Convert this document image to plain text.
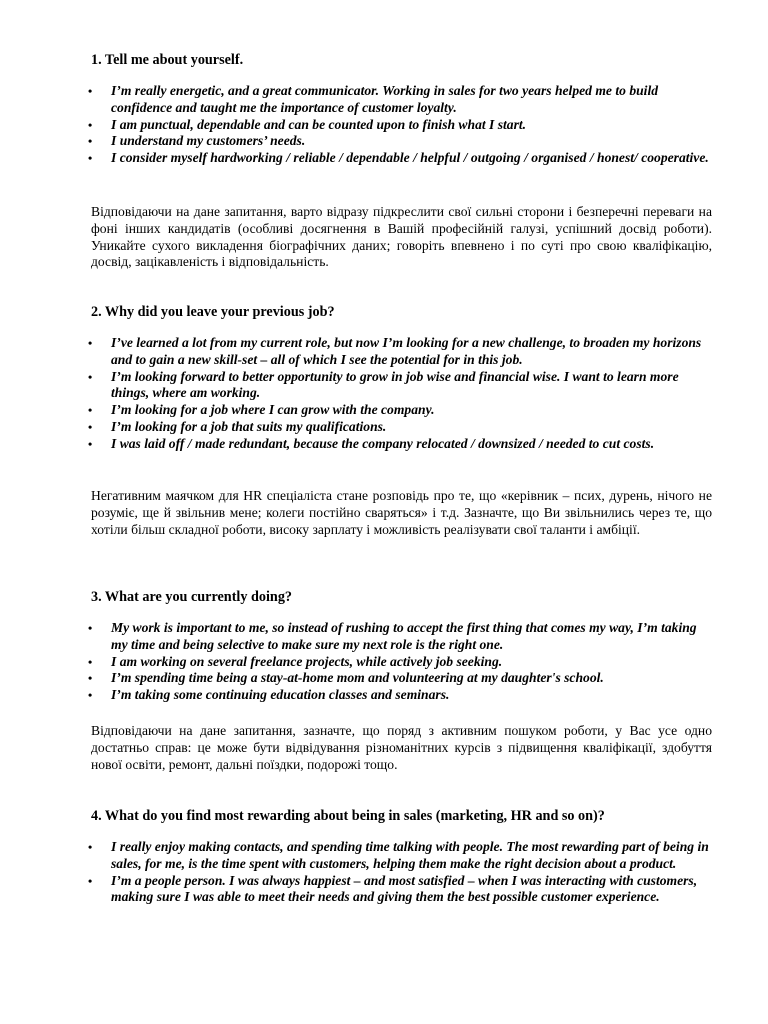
1. Tell me about yourself.

• I’m really energetic, and a great communicator. Working in sales for two years helped me to build confidence and taught me the importance of customer loyalty.
• I am punctual, dependable and can be counted upon to finish what I start.
• I understand my customers’ needs.
• I consider myself hardworking / reliable / dependable / helpful / outgoing / organised / honest/ cooperative.

Відповідаючи на дане запитання, варто відразу підкреслити свої сильні сторони і безперечні переваги на фоні інших кандидатів (особливі досягнення в Вашій професійній галузі, успішний досвід роботи). Уникайте сухого викладення біографічних даних; говоріть впевнено і по суті про свою кваліфікацію, досвід, зацікавленість і відповідальність.

2. Why did you leave your previous job?

• I’ve learned a lot from my current role, but now I’m looking for a new challenge, to broaden my horizons and to gain a new skill-set – all of which I see the potential for in this job.
• I’m looking forward to better opportunity to grow in job wise and financial wise. I want to learn more things, where am working.
• I’m looking for a job where I can grow with the company.
• I’m looking for a job that suits my qualifications.
• I was laid off / made redundant, because the company relocated / downsized / needed to cut costs.

Негативним маячком для HR спеціаліста стане розповідь про те, що «керівник – псих, дурень, нічого не розуміє, ще й звільнив мене; колеги постійно сваряться» і т.д. Зазначте, що Ви звільнились через те, що хотіли більш складної роботи, високу зарплату і можливість реалізувати свої таланти і амбіції.

3. What are you currently doing?

• My work is important to me, so instead of rushing to accept the first thing that comes my way, I’m taking my time and being selective to make sure my next role is the right one.
• I am working on several freelance projects, while actively job seeking.
• I’m spending time being a stay-at-home mom and volunteering at my daughter's school.
• I’m taking some continuing education classes and seminars.

Відповідаючи на дане запитання, зазначте, що поряд з активним пошуком роботи, у Вас усе одно достатньо справ: це може бути відвідування різноманітних курсів з підвищення кваліфікації, здобуття нової освіти, ремонт, дальні поїздки, подорожі тощо.

4. What do you find most rewarding about being in sales (marketing, HR and so on)?

• I really enjoy making contacts, and spending time talking with people. The most rewarding part of being in sales, for me, is the time spent with customers, helping them make the right decision about a product.
• I’m a people person. I was always happiest – and most satisfied – when I was interacting with customers, making sure I was able to meet their needs and giving them the best possible customer experience.
